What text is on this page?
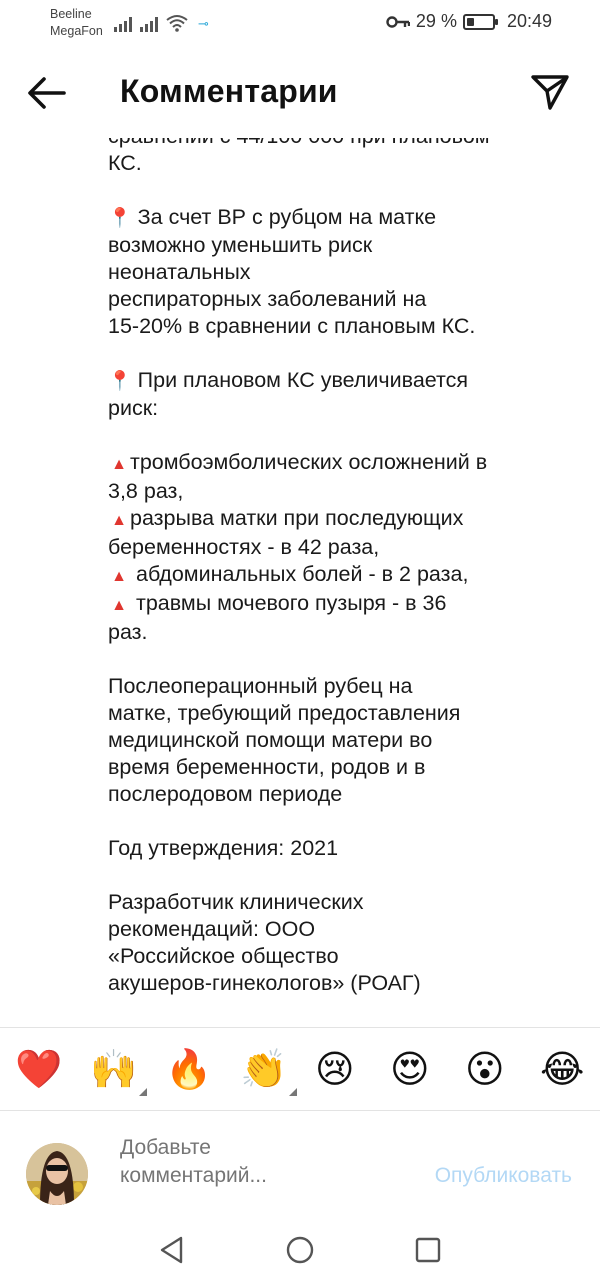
Beeline
MegaFon	⊸	29 %	20:49
Комментарии

КС.

📍 За счет ВР с рубцом на матке
возможно уменьшить риск
неонатальных
респираторных заболеваний на
15-20% в сравнении с плановым КС.

📍 При плановом КС увеличивается
риск:

▲ тромбоэмболических осложнений в
3,8 раз,
▲ разрыва матки при последующих
беременностях - в 42 раза,
▲ абдоминальных болей - в 2 раза,
▲ травмы мочевого пузыря - в 36
раз.

Послеоперационный рубец на
матке, требующий предоставления
медицинской помощи матери во
время беременности, родов и в
послеродовом периоде

Год утверждения: 2021

Разработчик клинических
рекомендаций: ООО
«Российское общество
акушеров-гинекологов» (РОАГ)

❤️ 🙌 🔥 👏 😢 😍 😮 😂
Добавьте комментарий...
Опубликовать
